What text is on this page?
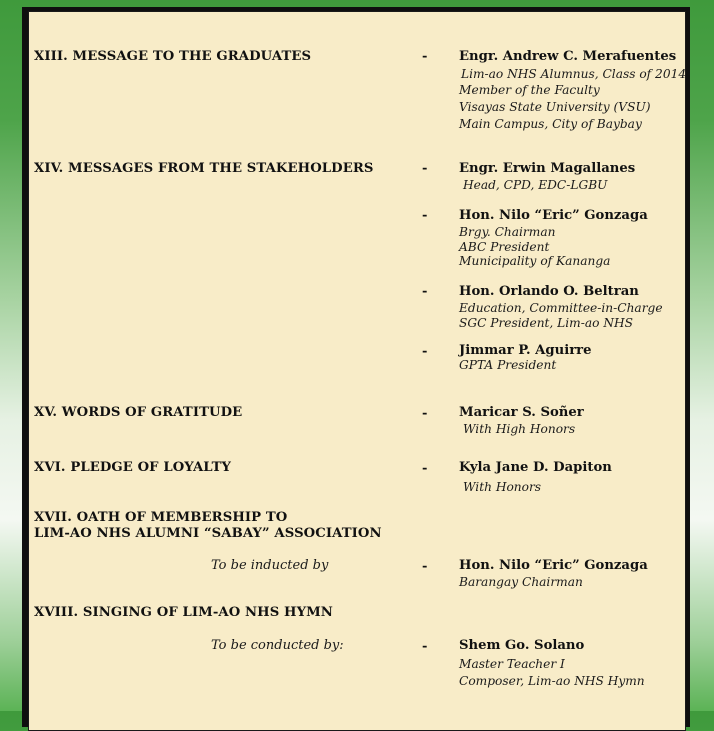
XIII. MESSAGE TO THE GRADUATES	- Engr. Andrew C. Merafuentes
Lim-ao NHS Alumnus, Class of 2014
Member of the Faculty
Visayas State University (VSU)
Main Campus, City of Baybay
XIV. MESSAGES FROM THE STAKEHOLDERS	- Engr. Erwin Magallanes
Head, CPD, EDC-LGBU
- Hon. Nilo “Eric” Gonzaga
Brgy. Chairman
ABC President
Municipality of Kananga
- Hon. Orlando O. Beltran
Education, Committee-in-Charge
SGC President, Lim-ao NHS
- Jimmar P. Aguirre
GPTA President
XV. WORDS OF GRATITUDE	- Maricar S. Soñer
With High Honors
XVI. PLEDGE OF LOYALTY	- Kyla Jane D. Dapiton
With Honors
XVII. OATH OF MEMBERSHIP TO
LIM-AO NHS ALUMNI “SABAY” ASSOCIATION
To be inducted by	- Hon. Nilo “Eric” Gonzaga
Barangay Chairman
XVIII. SINGING OF LIM-AO NHS HYMN
To be conducted by:	- Shem Go. Solano
Master Teacher I
Composer, Lim-ao NHS Hymn
